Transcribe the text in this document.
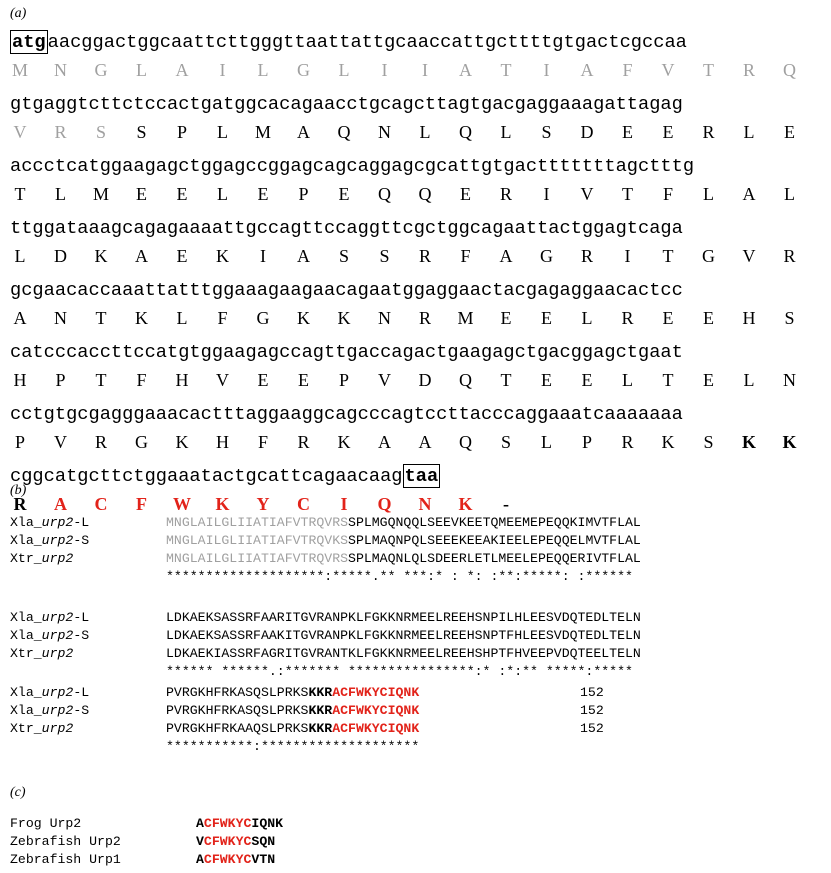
(a)
(b)
(c)
atg aacggactggcaattcttgggttaattattgcaaccattgcttttgtgactcgccaa
gtgaggtcttctccactgatggcacagaacctgcagcttagtgacgaggaaagattagag
accctcatggaagagctggagccggagcagcaggagcgcattgtgactttttttagctttg
ttggataaagcagagaaaattgccagttccaggttcgctggcagaattactggagtcaga
gcgaacaccaaattatttggaaagaagaacagaatggaggaactacgagaggaacactcc
catcccaccttccatgtggaagagccagttgaccagactgaagagctgacggagctgaat
cctgtgcgagggaaacactttaggaaggcagcccagtccttacccaggaaatcaaaaaaa
cggcatgcttctggaaatactgcattcagaacaag taa
M N G L A	I	L G L	I	I	A T	I	A F V T R Q
V R S S P L M A Q N L Q L S D E E R L E
T L M E E L E P E Q Q E R	I	V T F L A L
L D K A E K	I	A S S R F A G R	I	T G V R
A N T K L F G K K N R M E E L R E E H S
H P T F H V E E P V D Q T E E L T E L N
P V R G K H F R K A A Q S L P R K S K K
R A C F W K Y C	I	Q N K	-
Xla_urp2-L	MNGLAILGLIIATIAFVTRQVRSSPLMGQNQQLSEEVKEETQMEEMEPEQQKIMVTFLAL
Xla_urp2-S	MNGLAILGLIIATIAFVTRQVKSSPLMAQNPQLSEEEKEEAKIEELEPEQQELMVTFLAL
Xtr_urp2	MNGLAILGLIIATIAFVTRQVRSSPLMAQNLQLSDEERLETLMEELEPEQQERIVTFLAL
********************:*****.** ***:* : *: :**:*****: :******
Xla_urp2-L	LDKAEKSASSRFAARITGVRANPKLFGKKNRMEELREEHSNPILHLEESVDQTEDLTELN
Xla_urp2-S	LDKAEKSASSRFAAKITGVRANPKLFGKKNRMEELREEHSNPTFHLEESVDQTEDLTELN
Xtr_urp2	LDKAEKIASSRFAGRITGVRANTKLFGKKNRMEELREEHSHPTFHVEEPVDQTEELTELN
****** ******.:******* ****************:* :*:** *****:*****
Xla_urp2-L	PVRGKHFRKASQSLPRKSKKRACFWKYCIQNK	152
Xla_urp2-S	PVRGKHFRKASQSLPRKSKKRACFWKYCIQNK	152
Xtr_urp2	PVRGKHFRKAAQSLPRKSKKRACFWKYCIQNK	152
***********:********************
Frog Urp2	ACFWKYCIQNK
Zebrafish Urp2	VCFWKYCSQN
Zebrafish Urp1	ACFWKYCVTN
